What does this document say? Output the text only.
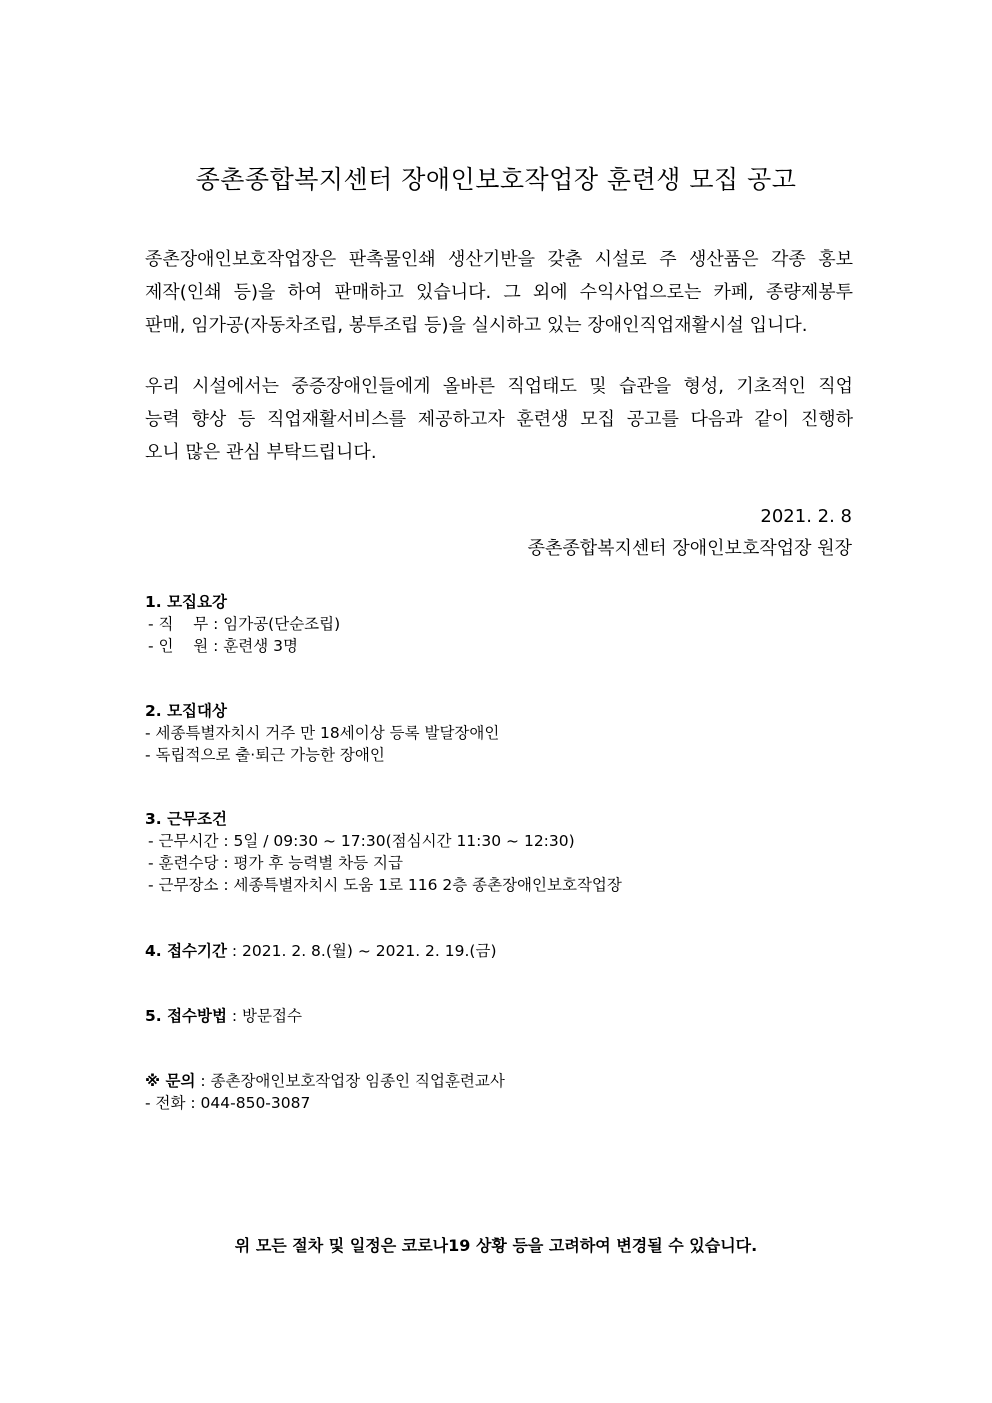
종촌종합복지센터 장애인보호작업장 훈련생 모집 공고
종촌장애인보호작업장은 판촉물인쇄 생산기반을 갖춘 시설로 주 생산품은 각종 홍보
제작(인쇄 등)을 하여 판매하고 있습니다. 그 외에 수익사업으로는 카페, 종량제봉투
판매, 임가공(자동차조립, 봉투조립 등)을 실시하고 있는 장애인직업재활시설 입니다.
우리 시설에서는 중증장애인들에게 올바른 직업태도 및 습관을 형성, 기초적인 직업
능력 향상 등 직업재활서비스를 제공하고자 훈련생 모집 공고를 다음과 같이 진행하
오니 많은 관심 부탁드립니다.
2021. 2. 8
종촌종합복지센터 장애인보호작업장 원장
1. 모집요강
- 직    무 : 임가공(단순조립)
- 인    원 : 훈련생 3명
2. 모집대상
- 세종특별자치시 거주 만 18세이상 등록 발달장애인
- 독립적으로 출·퇴근 가능한 장애인
3. 근무조건
- 근무시간 : 5일 / 09:30 ~ 17:30(점심시간 11:30 ~ 12:30)
- 훈련수당 : 평가 후 능력별 차등 지급
- 근무장소 : 세종특별자치시 도움 1로 116 2층 종촌장애인보호작업장
4. 접수기간 : 2021. 2. 8.(월) ~ 2021. 2. 19.(금)
5. 접수방법 : 방문접수
※ 문의 : 종촌장애인보호작업장 임종인 직업훈련교사
- 전화 : 044-850-3087
위 모든 절차 및 일정은 코로나19 상황 등을 고려하여 변경될 수 있습니다.
